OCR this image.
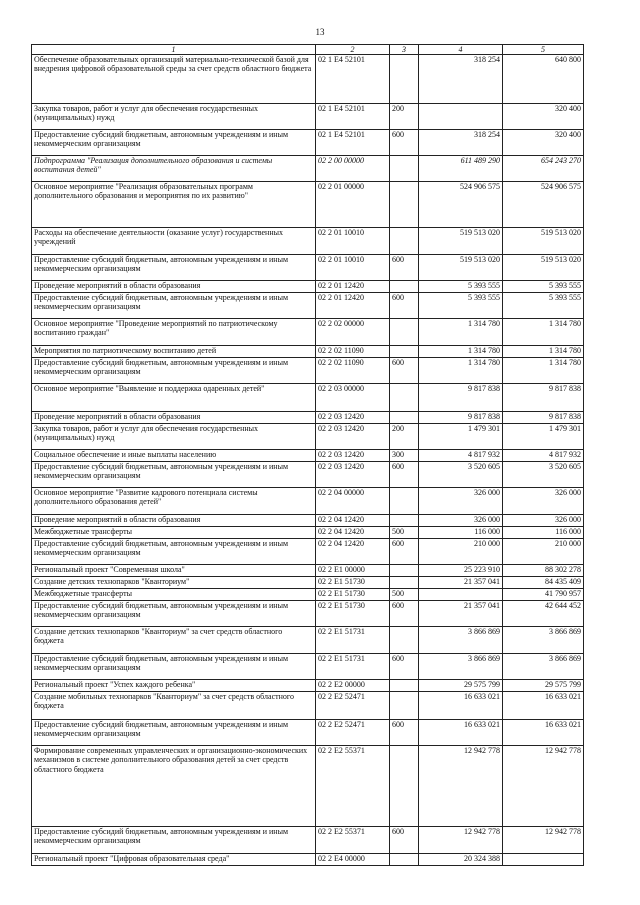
13
1	2	3	4	5
Обеспечение образовательных организаций материально-технической базой для внедрения цифровой образовательной среды за счет средств областного бюджета	02 1 Е4 52101		318 254	640 800
Закупка товаров, работ и услуг для обеспечения государственных (муниципальных) нужд	02 1 Е4 52101	200		320 400
Предоставление субсидий бюджетным, автономным учреждениям и иным некоммерческим организациям	02 1 Е4 52101	600	318 254	320 400
Подпрограмма "Реализация дополнительного образования и системы воспитания детей"	02 2 00 00000		611 489 290	654 243 270
Основное мероприятие "Реализация образовательных программ дополнительного образования и мероприятия по их развитию"	02 2 01 00000		524 906 575	524 906 575
Расходы на обеспечение деятельности (оказание услуг) государственных учреждений	02 2 01 10010		519 513 020	519 513 020
Предоставление субсидий бюджетным, автономным учреждениям и иным некоммерческим организациям	02 2 01 10010	600	519 513 020	519 513 020
Проведение мероприятий в области образования	02 2 01 12420		5 393 555	5 393 555
Предоставление субсидий бюджетным, автономным учреждениям и иным некоммерческим организациям	02 2 01 12420	600	5 393 555	5 393 555
Основное мероприятие "Проведение мероприятий по патриотическому воспитанию граждан"	02 2 02 00000		1 314 780	1 314 780
Мероприятия по патриотическому воспитанию детей	02 2 02 11090		1 314 780	1 314 780
Предоставление субсидий бюджетным, автономным учреждениям и иным некоммерческим организациям	02 2 02 11090	600	1 314 780	1 314 780
Основное мероприятие "Выявление и поддержка одаренных детей"	02 2 03 00000		9 817 838	9 817 838
Проведение мероприятий в области образования	02 2 03 12420		9 817 838	9 817 838
Закупка товаров, работ и услуг для обеспечения государственных (муниципальных) нужд	02 2 03 12420	200	1 479 301	1 479 301
Социальное обеспечение и иные выплаты населению	02 2 03 12420	300	4 817 932	4 817 932
Предоставление субсидий бюджетным, автономным учреждениям и иным некоммерческим организациям	02 2 03 12420	600	3 520 605	3 520 605
Основное мероприятие "Развитие кадрового потенциала системы дополнительного образования детей"	02 2 04 00000		326 000	326 000
Проведение мероприятий в области образования	02 2 04 12420		326 000	326 000
Межбюджетные трансферты	02 2 04 12420	500	116 000	116 000
Предоставление субсидий бюджетным, автономным учреждениям и иным некоммерческим организациям	02 2 04 12420	600	210 000	210 000
Региональный проект "Современная школа"	02 2 Е1 00000		25 223 910	88 302 278
Создание детских технопарков "Кванториум"	02 2 Е1 51730		21 357 041	84 435 409
Межбюджетные трансферты	02 2 Е1 51730	500		41 790 957
Предоставление субсидий бюджетным, автономным учреждениям и иным некоммерческим организациям	02 2 Е1 51730	600	21 357 041	42 644 452
Создание детских технопарков "Кванториум" за счет средств областного бюджета	02 2 Е1 51731		3 866 869	3 866 869
Предоставление субсидий бюджетным, автономным учреждениям и иным некоммерческим организациям	02 2 Е1 51731	600	3 866 869	3 866 869
Региональный проект "Успех каждого ребенка"	02 2 Е2 00000		29 575 799	29 575 799
Создание мобильных технопарков "Кванториум" за счет средств областного бюджета	02 2 Е2 52471		16 633 021	16 633 021
Предоставление субсидий бюджетным, автономным учреждениям и иным некоммерческим организациям	02 2 Е2 52471	600	16 633 021	16 633 021
Формирование современных управленческих и организационно-экономических механизмов в системе дополнительного образования детей за счет средств областного бюджета	02 2 Е2 55371		12 942 778	12 942 778
Предоставление субсидий бюджетным, автономным учреждениям и иным некоммерческим организациям	02 2 Е2 55371	600	12 942 778	12 942 778
Региональный проект "Цифровая образовательная среда"	02 2 Е4 00000		20 324 388	
